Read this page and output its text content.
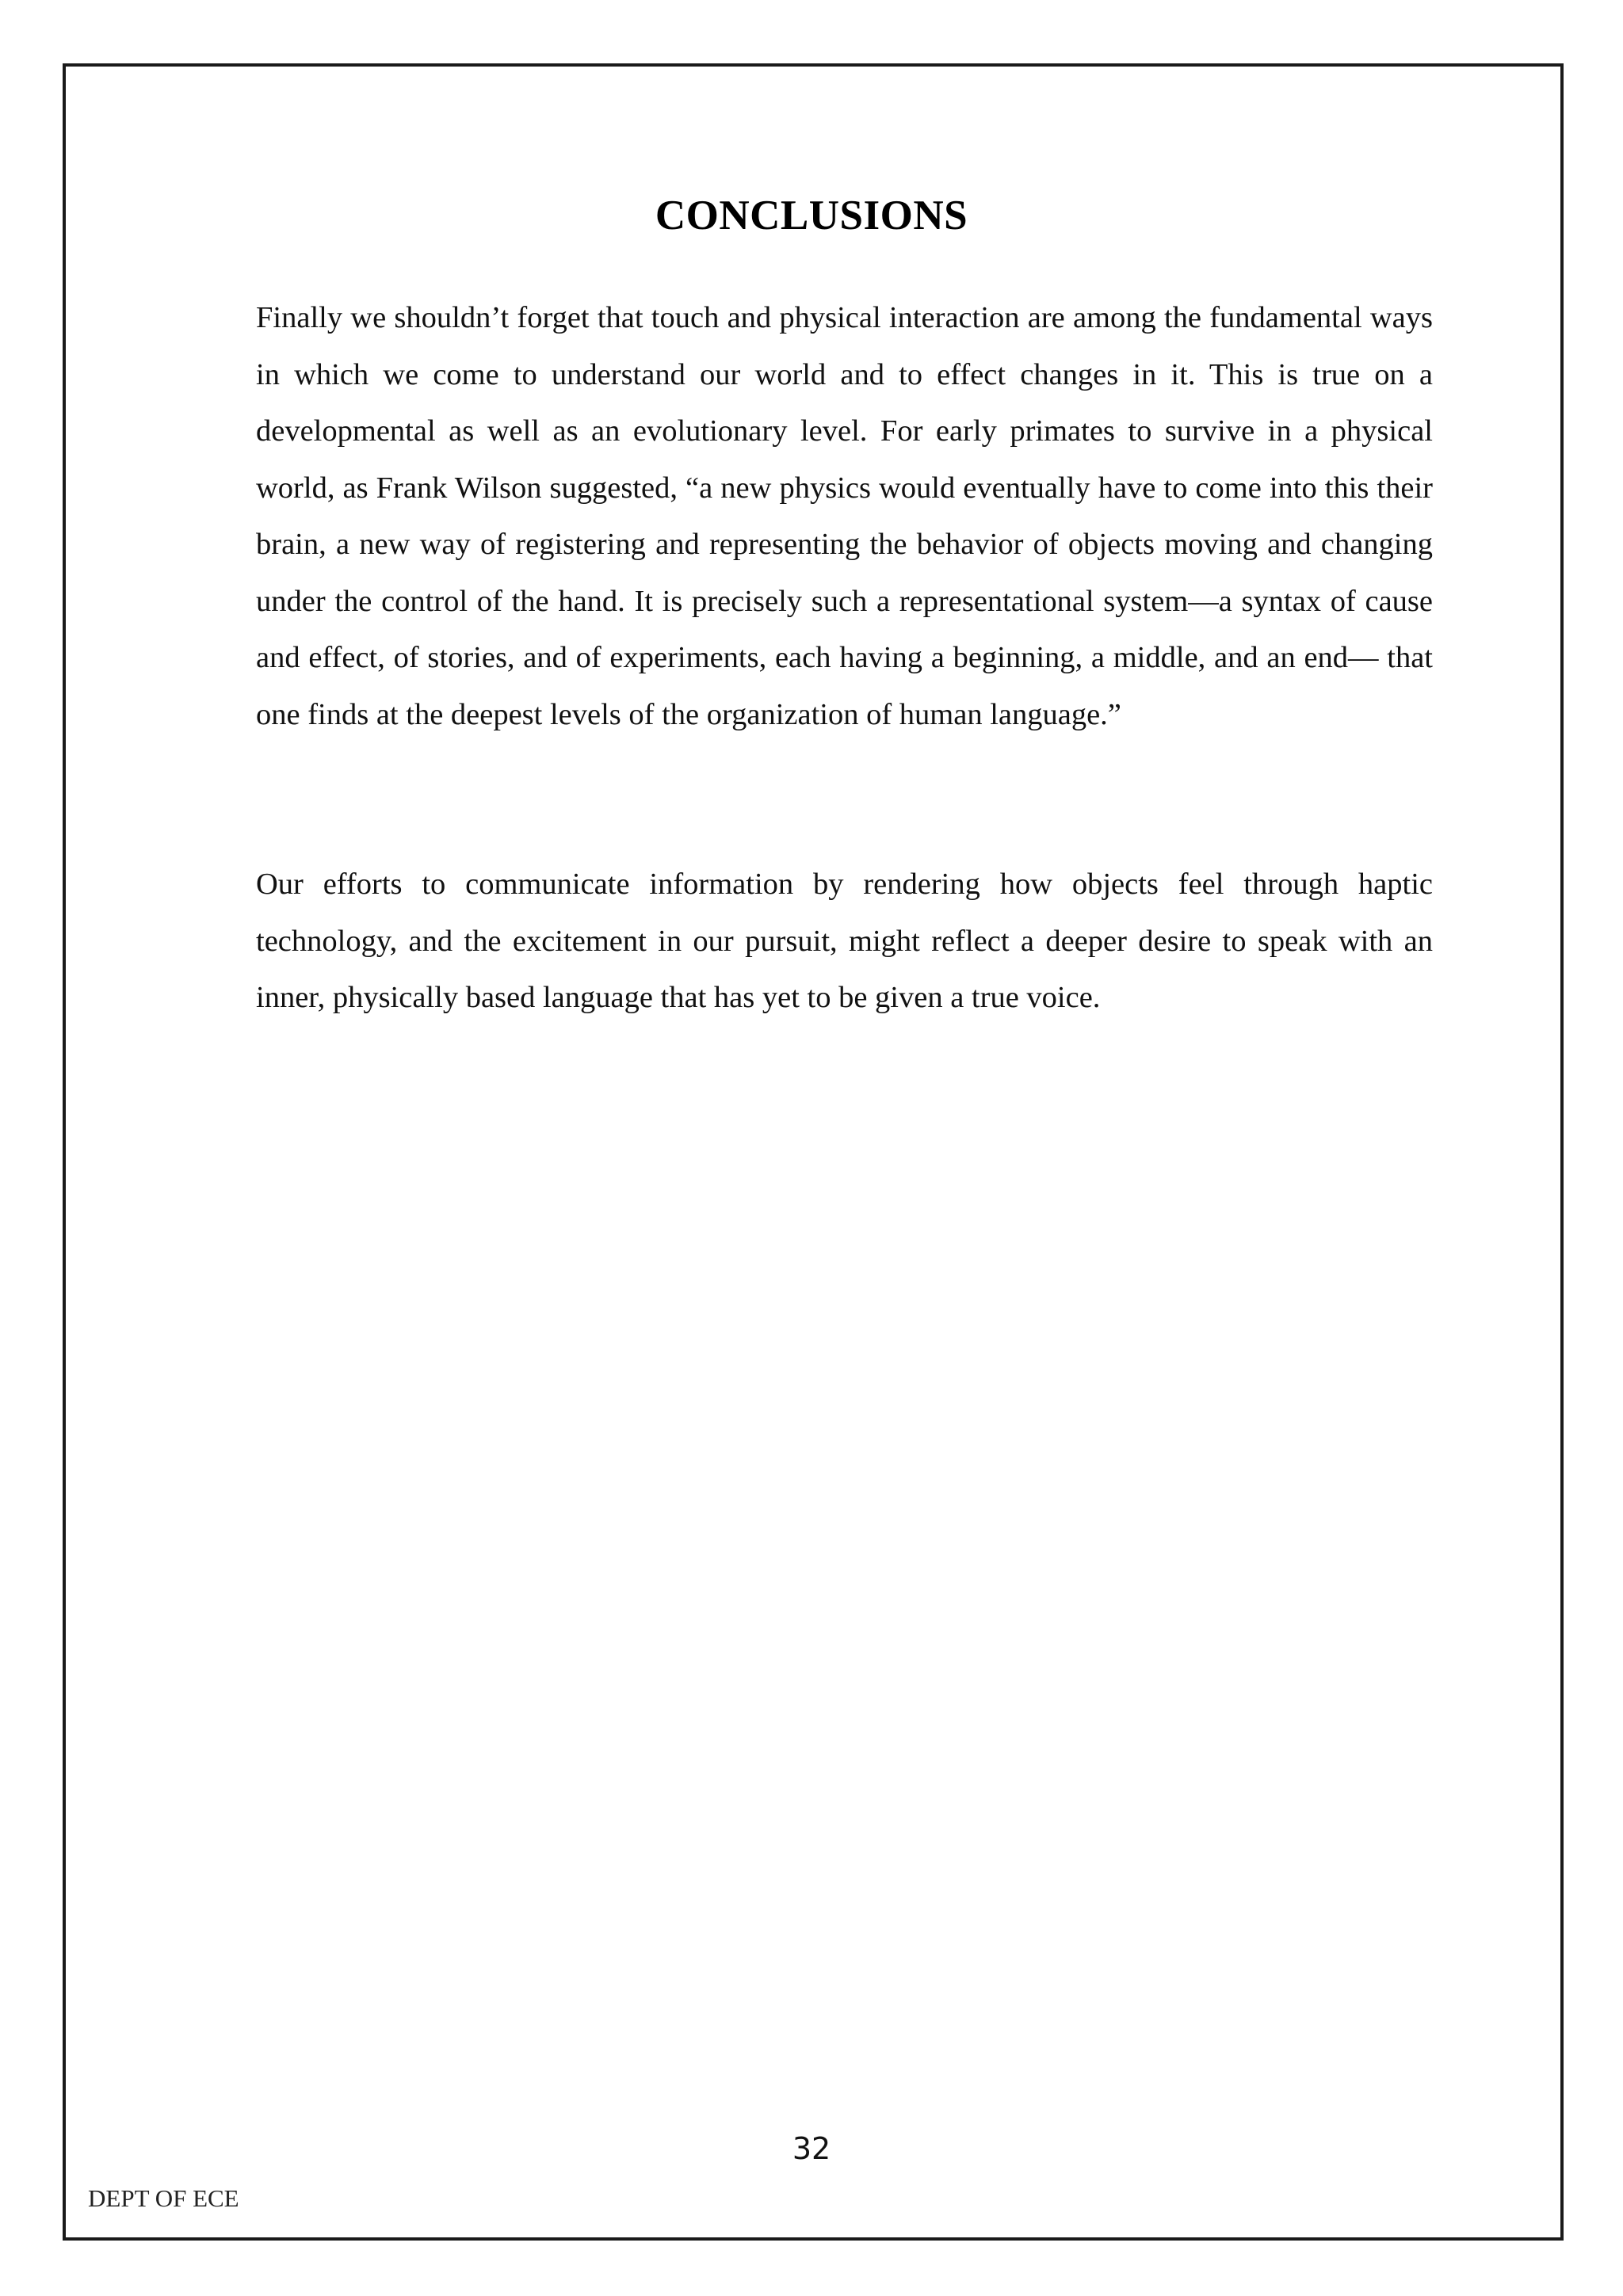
CONCLUSIONS

Finally we shouldn’t forget that touch and physical interaction are among the fundamental ways in which we come to understand our world and to effect changes in it. This is true on a developmental as well as an evolutionary level. For early primates to survive in a physical world, as Frank Wilson suggested, “a new physics would eventually have to come into this their brain, a new way of registering and representing the behavior of objects moving and changing under the control of the hand. It is precisely such a representational system—a syntax of cause and effect, of stories, and of experiments, each having a beginning, a middle, and an end— that one finds at the deepest levels of the organization of human language.”

Our efforts to communicate information by rendering how objects feel through haptic technology, and the excitement in our pursuit, might reflect a deeper desire to speak with an inner, physically based language that has yet to be given a true voice.

32
DEPT OF ECE
